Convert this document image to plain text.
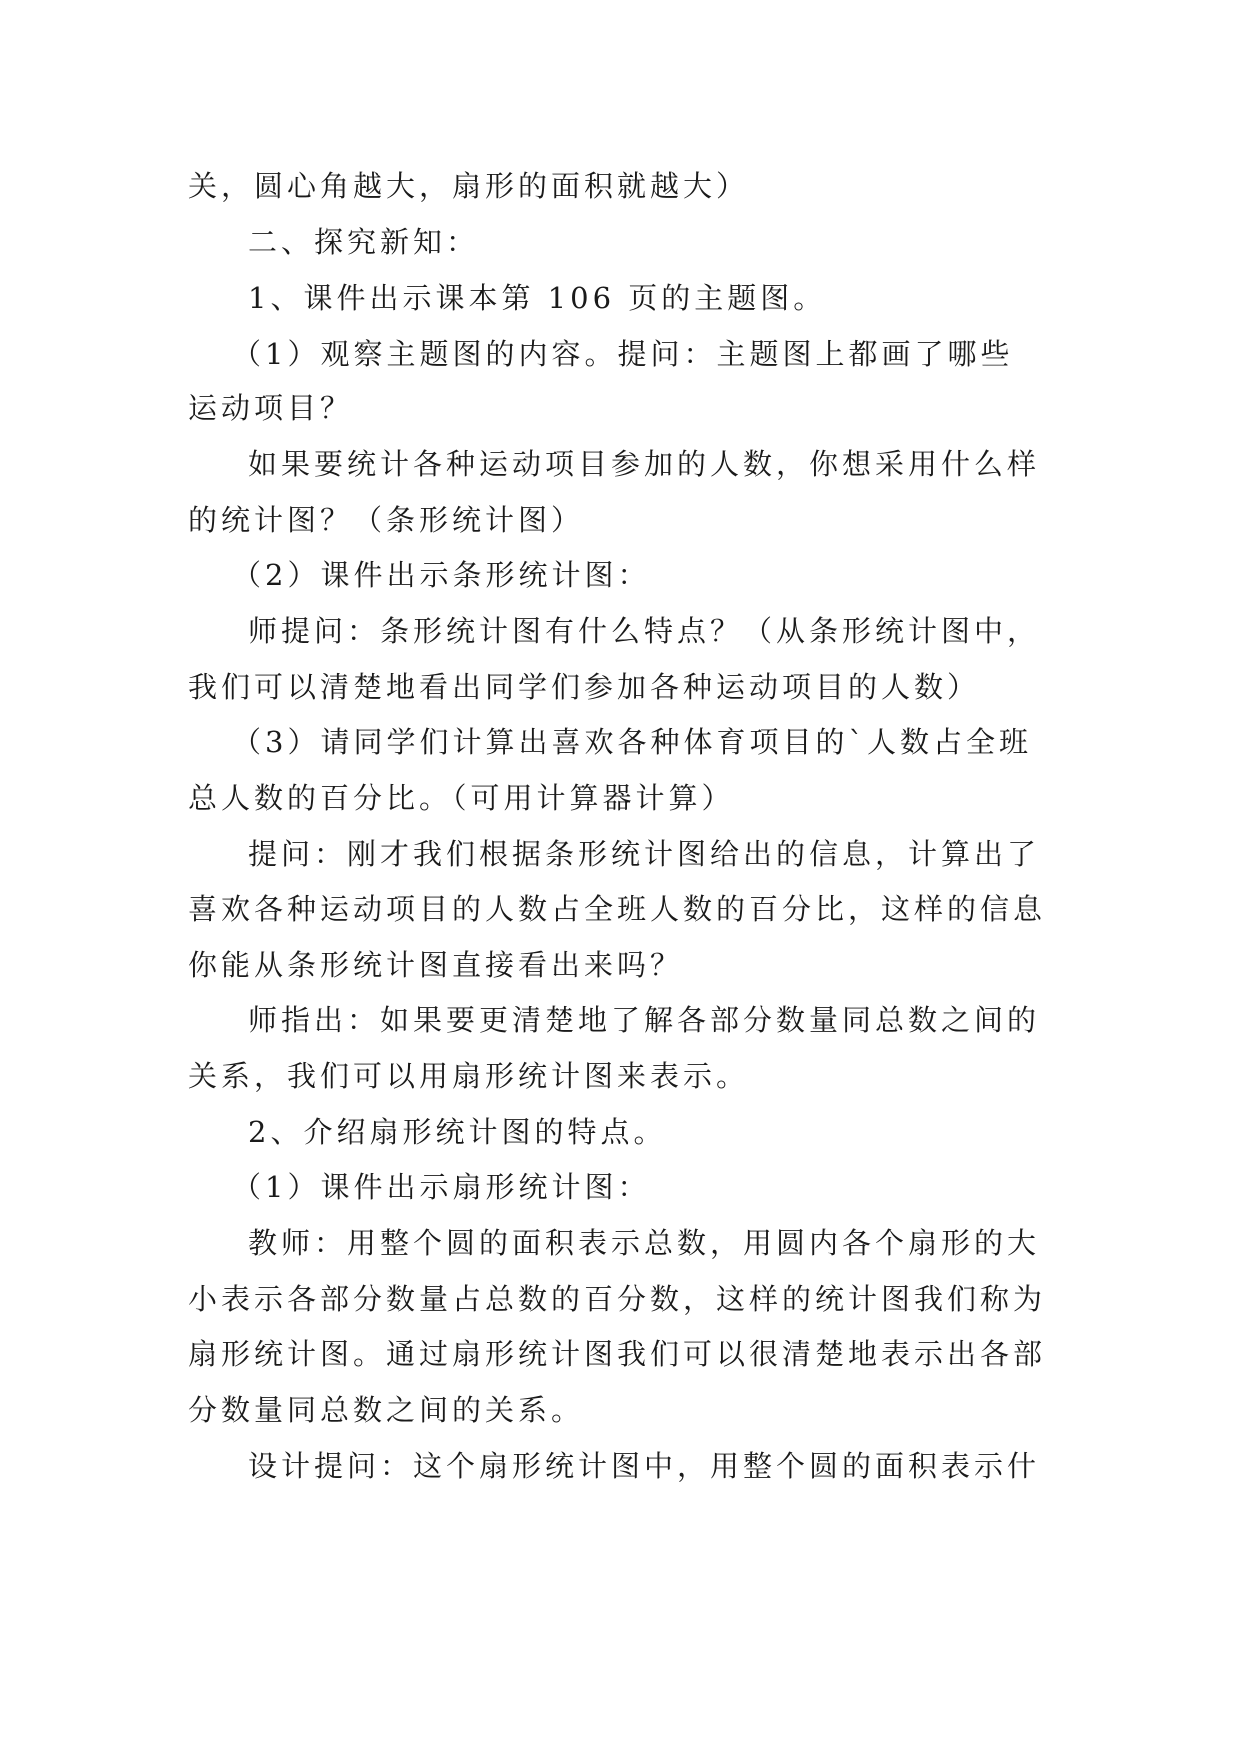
关，圆心角越大，扇形的面积就越大）
二、探究新知：
1、课件出示课本第 106 页的主题图。
（1）观察主题图的内容。提问：主题图上都画了哪些
运动项目？
如果要统计各种运动项目参加的人数，你想采用什么样
的统计图？（条形统计图）
（2）课件出示条形统计图：
师提问：条形统计图有什么特点？（从条形统计图中，
我们可以清楚地看出同学们参加各种运动项目的人数）
（3）请同学们计算出喜欢各种体育项目的`人数占全班
总人数的百分比。（可用计算器计算）
提问：刚才我们根据条形统计图给出的信息，计算出了
喜欢各种运动项目的人数占全班人数的百分比，这样的信息
你能从条形统计图直接看出来吗？
师指出：如果要更清楚地了解各部分数量同总数之间的
关系，我们可以用扇形统计图来表示。
2、介绍扇形统计图的特点。
（1）课件出示扇形统计图：
教师：用整个圆的面积表示总数，用圆内各个扇形的大
小表示各部分数量占总数的百分数，这样的统计图我们称为
扇形统计图。通过扇形统计图我们可以很清楚地表示出各部
分数量同总数之间的关系。
设计提问：这个扇形统计图中，用整个圆的面积表示什
